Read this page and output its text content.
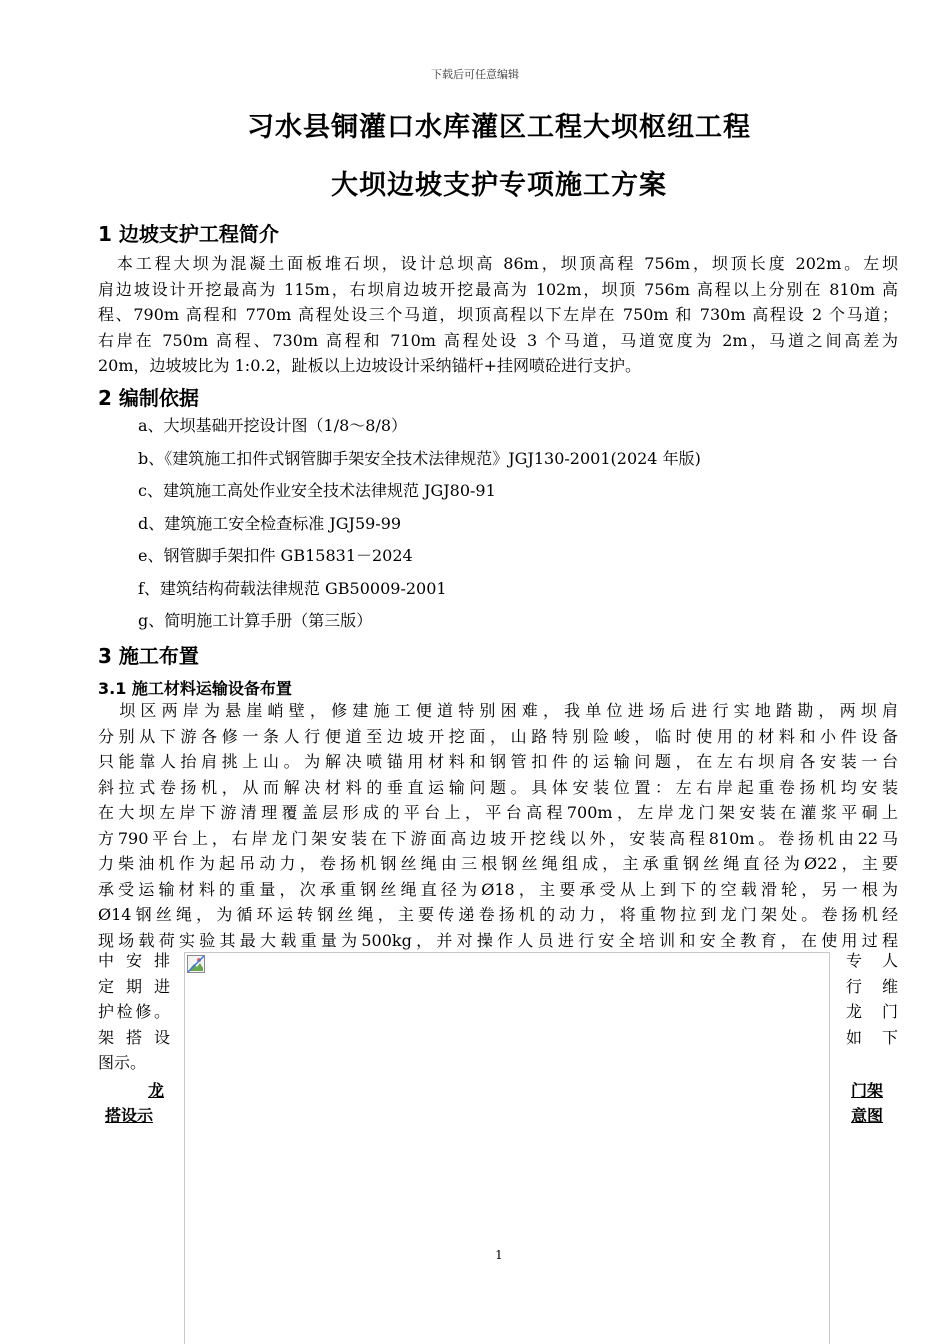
下载后可任意编辑
习水县铜灌口水库灌区工程大坝枢纽工程
大坝边坡支护专项施工方案
1 边坡支护工程简介
　本工程大坝为混凝土面板堆石坝，设计总坝高 86m，坝顶高程 756m，坝顶长度 202m。左坝
肩边坡设计开挖最高为 115m，右坝肩边坡开挖最高为 102m，坝顶 756m 高程以上分别在 810m 高
程、790m 高程和 770m 高程处设三个马道，坝顶高程以下左岸在 750m 和 730m 高程设 2 个马道；
右岸在 750m 高程、730m 高程和 710m 高程处设 3 个马道，马道宽度为 2m，马道之间高差为
20m，边坡坡比为 1:0.2，趾板以上边坡设计采纳锚杆+挂网喷砼进行支护。
2 编制依据
a、大坝基础开挖设计图（1/8～8/8）
b、《建筑施工扣件式钢管脚手架安全技术法律规范》JGJ130-2001(2024 年版)
c、建筑施工高处作业安全技术法律规范 JGJ80-91
d、建筑施工安全检查标准 JGJ59-99
e、钢管脚手架扣件 GB15831－2024
f、建筑结构荷载法律规范 GB50009-2001
g、简明施工计算手册（第三版）
3 施工布置
3.1 施工材料运输设备布置
　坝区两岸为悬崖峭壁，修建施工便道特别困难，我单位进场后进行实地踏勘，两坝肩
分别从下游各修一条人行便道至边坡开挖面，山路特别险峻，临时使用的材料和小件设备
只能靠人抬肩挑上山。为解决喷锚用材料和钢管扣件的运输问题，在左右坝肩各安装一台
斜拉式卷扬机，从而解决材料的垂直运输问题。具体安装位置：左右岸起重卷扬机均安装
在大坝左岸下游清理覆盖层形成的平台上，平台高程700m，左岸龙门架安装在灌浆平硐上
方790平台上，右岸龙门架安装在下游面高边坡开挖线以外，安装高程810m。卷扬机由22马
力柴油机作为起吊动力，卷扬机钢丝绳由三根钢丝绳组成，主承重钢丝绳直径为Ø22，主要
承受运输材料的重量，次承重钢丝绳直径为Ø18，主要承受从上到下的空载滑轮，另一根为
Ø14钢丝绳，为循环运转钢丝绳，主要传递卷扬机的动力，将重物拉到龙门架处。卷扬机经
现场载荷实验其最大载重量为500kg，并对操作人员进行安全培训和安全教育，在使用过程
中安排
定期进
护检修。
架搭设
图示。
龙
搭设示
专人
行维
龙门
如下
门架
意图
1
